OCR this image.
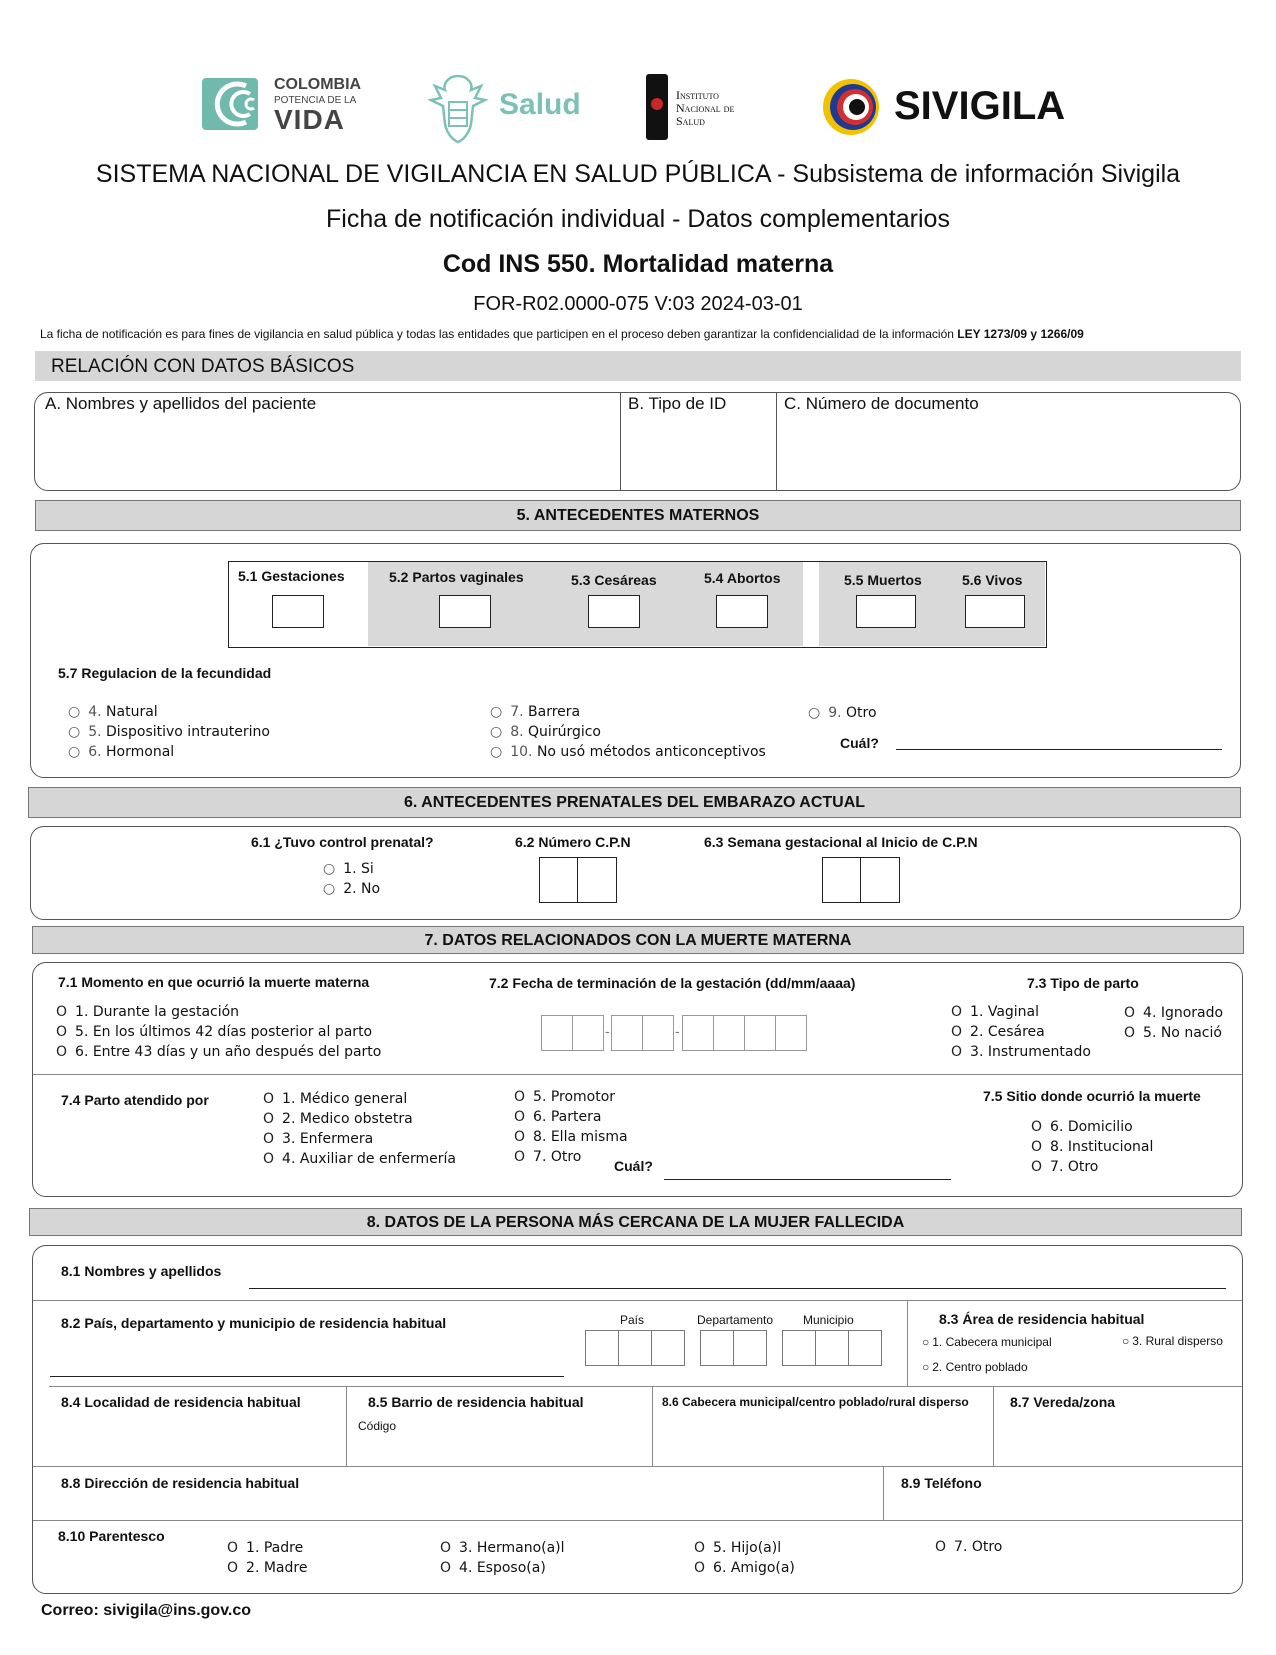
COLOMBIA
POTENCIA DE LA
VIDA	Salud	Instituto
Nacional de
Salud	SIVIGILA
SISTEMA NACIONAL DE VIGILANCIA EN SALUD PÚBLICA - Subsistema de información Sivigila
Ficha de notificación individual - Datos complementarios
Cod INS 550. Mortalidad materna
FOR-R02.0000-075 V:03 2024-03-01
La ficha de notificación es para fines de vigilancia en salud pública y todas las entidades que participen en el proceso deben garantizar la confidencialidad de la información LEY 1273/09 y 1266/09
RELACIÓN CON DATOS BÁSICOS
A. Nombres y apellidos del paciente	B. Tipo de ID	C. Número de documento
5. ANTECEDENTES MATERNOS
5.1 Gestaciones	5.2 Partos vaginales	5.3 Cesáreas	5.4 Abortos	5.5 Muertos	5.6 Vivos
5.7 Regulacion de la fecundidad
○ 4. Natural
○ 5. Dispositivo intrauterino
○ 6. Hormonal
○ 7. Barrera
○ 8. Quirúrgico
○ 10. No usó métodos anticonceptivos
○ 9. Otro
Cuál?
6. ANTECEDENTES PRENATALES DEL EMBARAZO ACTUAL
6.1 ¿Tuvo control prenatal?
○ 1. Si
○ 2. No
6.2 Número C.P.N	6.3 Semana gestacional al Inicio de C.P.N
7. DATOS RELACIONADOS CON LA MUERTE MATERNA
7.1 Momento en que ocurrió la muerte materna
O 1. Durante la gestación
O 5. En los últimos 42 días posterior al parto
O 6. Entre 43 días y un año después del parto
7.2 Fecha de terminación de la gestación (dd/mm/aaaa)
-	-
7.3 Tipo de parto
O 1. Vaginal
O 2. Cesárea
O 3. Instrumentado
O 4. Ignorado
O 5. No nació
7.4 Parto atendido por	O 1. Médico general
O 2. Medico obstetra
O 3. Enfermera
O 4. Auxiliar de enfermería
O 5. Promotor
O 6. Partera
O 8. Ella misma
O 7. Otro
Cuál?
7.5 Sitio donde ocurrió la muerte
O 6. Domicilio
O 8. Institucional
O 7. Otro
8. DATOS DE LA PERSONA MÁS CERCANA DE LA MUJER FALLECIDA
8.1 Nombres y apellidos
8.2 País, departamento y municipio de residencia habitual	País	Departamento Municipio	8.3 Área de residencia habitual
○ 1. Cabecera municipal	○ 3. Rural disperso
○ 2. Centro poblado
8.4 Localidad de residencia habitual	8.5 Barrio de residencia habitual
Código
8.6 Cabecera municipal/centro poblado/rural disperso	8.7 Vereda/zona
8.8 Dirección de residencia habitual	8.9 Teléfono
8.10 Parentesco
O 1. Padre
O 2. Madre
O 3. Hermano(a)l
O 4. Esposo(a)
O 5. Hijo(a)l
O 6. Amigo(a)
O 7. Otro
Correo: sivigila@ins.gov.co
